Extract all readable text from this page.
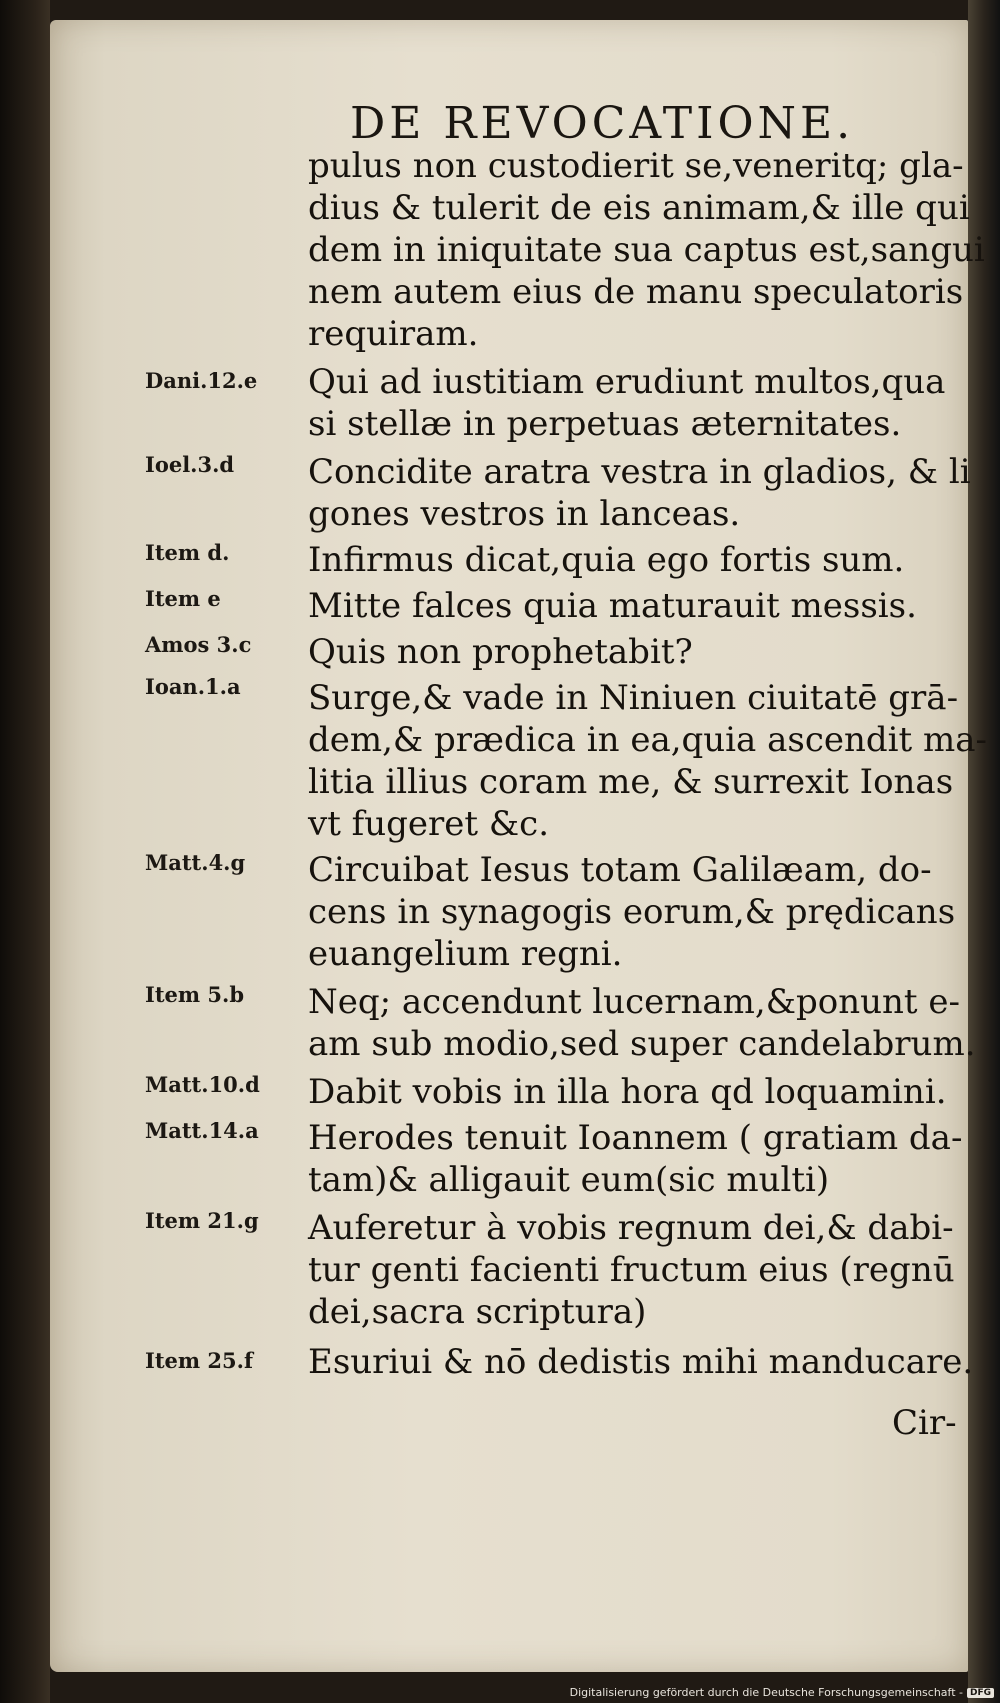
DE REVOCATIONE.
pulus non custodierit se,veneritq; gla-
dius & tulerit de eis animam,& ille qui
dem in iniquitate sua captus est,sangui
nem autem eius de manu speculatoris
requiram.
Qui ad iustitiam erudiunt multos,qua
si stellæ in perpetuas æternitates.
Concidite aratra vestra in gladios, & li
gones vestros in lanceas.
Infirmus dicat,quia ego fortis sum.
Mitte falces quia maturauit messis.
Quis non prophetabit?
Surge,& vade in Niniuen ciuitatē grā-
dem,& prædica in ea,quia ascendit ma-
litia illius coram me, & surrexit Ionas
vt fugeret &c.
Circuibat Iesus totam Galilæam, do-
cens in synagogis eorum,& prędicans
euangelium regni.
Neq; accendunt lucernam,&ponunt e-
am sub modio,sed super candelabrum.
Dabit vobis in illa hora qd loquamini.
Herodes tenuit Ioannem ( gratiam da-
tam)& alligauit eum(sic multi)
Auferetur à vobis regnum dei,& dabi-
tur genti facienti fructum eius (regnū
dei,sacra scriptura)
Esuriui & nō dedistis mihi manducare.
Dani.12.e
Ioel.3.d
Item d.
Item e
Amos 3.c
Ioan.1.a
Matt.4.g
Item 5.b
Matt.10.d
Matt.14.a
Item 21.g
Item 25.f
Cir-
Digitalisierung gefördert durch die Deutsche Forschungsgemeinschaft - DFG
